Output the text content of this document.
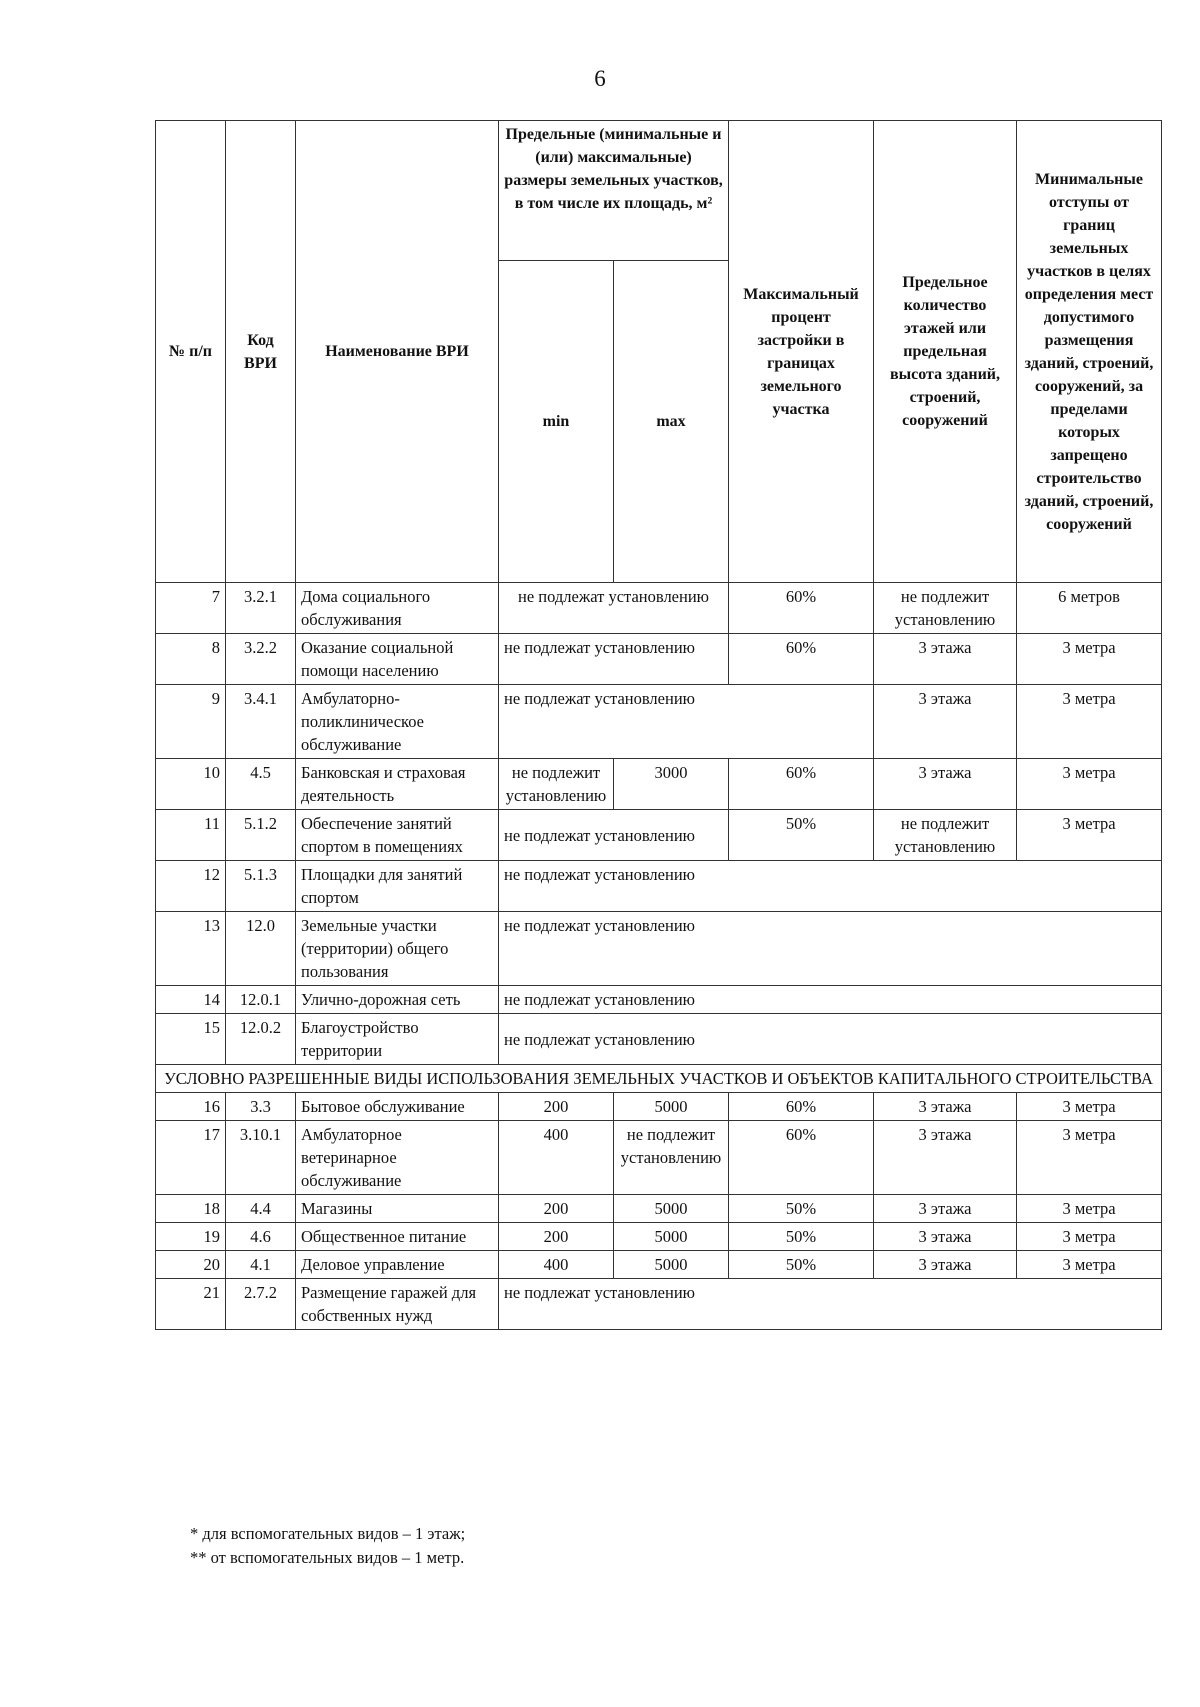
6
№ п/п	Код ВРИ	Наименование ВРИ	Предельные (минимальные и (или) максимальные) размеры земельных участков, в том числе их площадь, м²		Максимальный процент застройки в границах земельного участка	Предельное количество этажей или предельная высота зданий, строений, сооружений	Минимальные отступы от границ земельных участков в целях определения мест допустимого размещения зданий, строений, сооружений, за пределами которых запрещено строительство зданий, строений, сооружений
			min	max			
7	3.2.1	Дома социального обслуживания	не подлежат установлению		60%	не подлежит установлению	6 метров
8	3.2.2	Оказание социальной помощи населению	не подлежат установлению		60%	3 этажа	3 метра
9	3.4.1	Амбулаторно-поликлиническое обслуживание	не подлежат установлению			3 этажа	3 метра
10	4.5	Банковская и страховая деятельность	не подлежит установлению	3000	60%	3 этажа	3 метра
11	5.1.2	Обеспечение занятий спортом в помещениях	не подлежат установлению		50%	не подлежит установлению	3 метра
12	5.1.3	Площадки для занятий спортом	не подлежат установлению				
13	12.0	Земельные участки (территории) общего пользования	не подлежат установлению				
14	12.0.1	Улично-дорожная сеть	не подлежат установлению				
15	12.0.2	Благоустройство территории	не подлежат установлению				
УСЛОВНО РАЗРЕШЕННЫЕ ВИДЫ ИСПОЛЬЗОВАНИЯ ЗЕМЕЛЬНЫХ УЧАСТКОВ И ОБЪЕКТОВ КАПИТАЛЬНОГО СТРОИТЕЛЬСТВА							
16	3.3	Бытовое обслуживание	200	5000	60%	3 этажа	3 метра
17	3.10.1	Амбулаторное ветеринарное обслуживание	400	не подлежит установлению	60%	3 этажа	3 метра
18	4.4	Магазины	200	5000	50%	3 этажа	3 метра
19	4.6	Общественное питание	200	5000	50%	3 этажа	3 метра
20	4.1	Деловое управление	400	5000	50%	3 этажа	3 метра
21	2.7.2	Размещение гаражей для собственных нужд	не подлежат установлению				
* для вспомогательных видов – 1 этаж;
** от вспомогательных видов – 1 метр.
